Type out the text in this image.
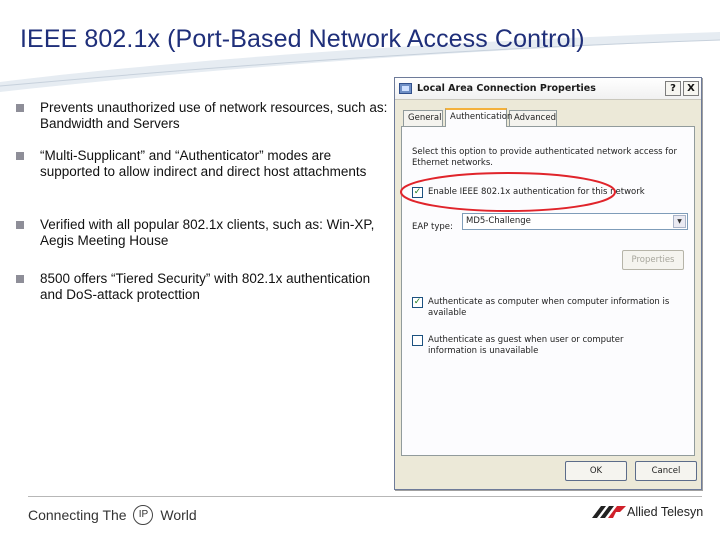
IEEE 802.1x (Port-Based Network Access Control)
Prevents unauthorized use of network resources, such as: Bandwidth and Servers
“Multi-Supplicant” and “Authenticator” modes are supported to allow indirect and direct host attachments
Verified with all popular 802.1x clients, such as: Win-XP, Aegis Meeting House
8500 offers “Tiered Security” with 802.1x authentication and DoS-attack protecttion
Local Area Connection Properties	?	X
General	Authentication Advanced
Select this option to provide authenticated network access for Ethernet networks.
✓ Enable IEEE 802.1x authentication for this network
EAP type:
MD5-Challenge	▼
Properties
✓ Authenticate as computer when computer information is available
Authenticate as guest when user or computer information is unavailable
OK	Cancel
Connecting The IP World	Allied Telesyn
